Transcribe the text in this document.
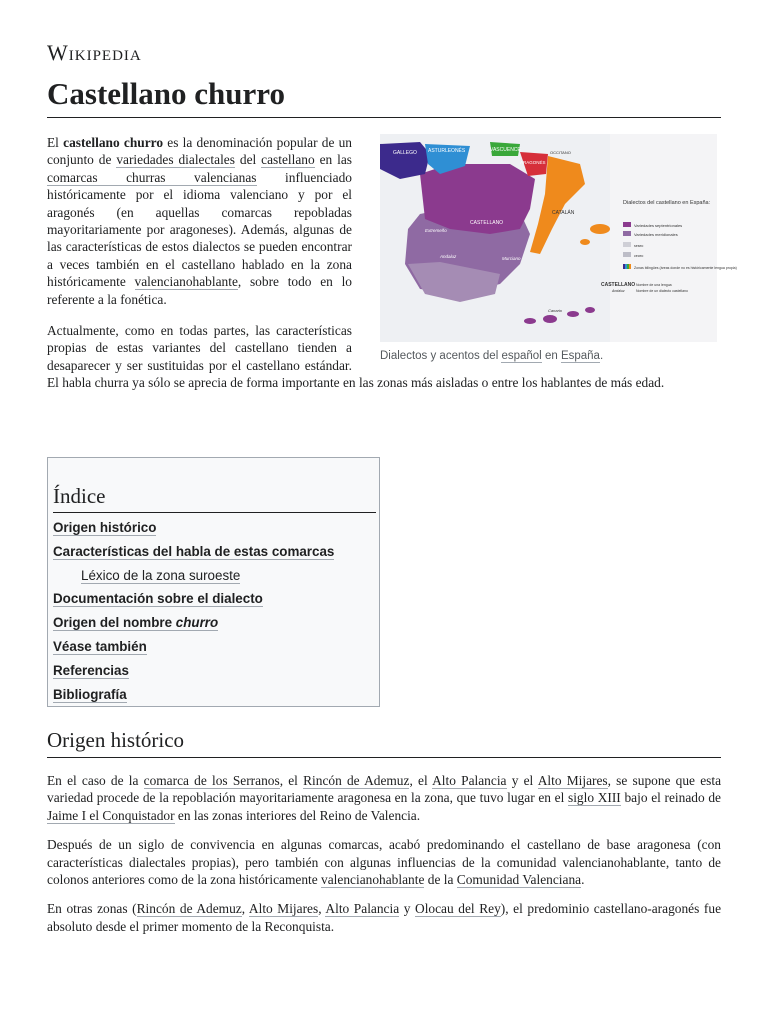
Wikipedia
Castellano churro
GALLEGO ASTURLEONÉS	VASCUENCE	OCCITANO
ARAGONÉS
CATALÁN
CASTELLANO
Extremeño
Murciano
Andaluz
Canario
Dialectos del castellano en España:
Variedades septentrionales
Variedades meridionales
seseo
ceceo
Zonas bilingües (áreas donde no es históricamente lengua propia)
CASTELLANO Nombre de una lengua
Andaluz	Nombre de un dialecto castellano
Dialectos y acentos del español en España.

El castellano churro es la denominación popular de un conjunto de variedades dialectales del castellano en las comarcas churras valencianas influenciado históricamente por el idioma valenciano y por el aragonés (en aquellas comarcas repobladas mayoritariamente por aragoneses). Además, algunas de las características de estos dialectos se pueden encontrar a veces también en el castellano hablado en la zona históricamente valencianohablante, sobre todo en lo referente a la fonética.

Actualmente, como en todas partes, las características propias de estas variantes del castellano tienden a desaparecer y ser sustituidas por el castellano estándar. El habla churra ya sólo se aprecia de forma importante en las zonas más aisladas o entre los hablantes de más edad.

Índice
Origen histórico
Características del habla de estas comarcas
Léxico de la zona suroeste
Documentación sobre el dialecto
Origen del nombre churro
Véase también
Referencias
Bibliografía
Origen histórico

En el caso de la comarca de los Serranos, el Rincón de Ademuz, el Alto Palancia y el Alto Mijares, se supone que esta variedad procede de la repoblación mayoritariamente aragonesa en la zona, que tuvo lugar en el siglo XIII bajo el reinado de Jaime I el Conquistador en las zonas interiores del Reino de Valencia.

Después de un siglo de convivencia en algunas comarcas, acabó predominando el castellano de base aragonesa (con características dialectales propias), pero también con algunas influencias de la comunidad valencianohablante, tanto de colonos anteriores como de la zona históricamente valencianohablante de la Comunidad Valenciana.

En otras zonas (Rincón de Ademuz, Alto Mijares, Alto Palancia y Olocau del Rey), el predominio castellano-aragonés fue absoluto desde el primer momento de la Reconquista.
